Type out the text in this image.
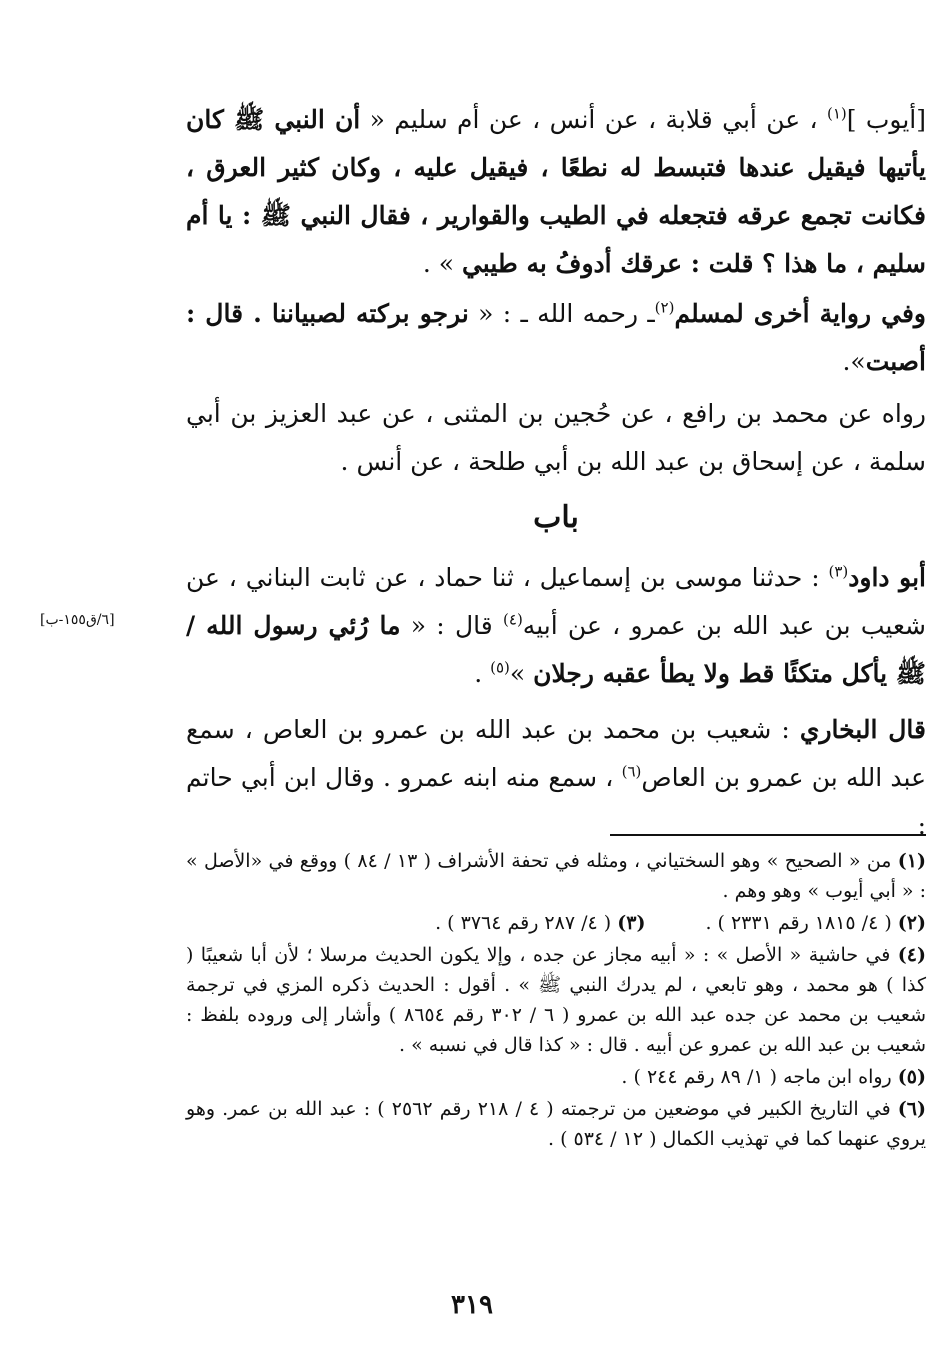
[أيوب ]$^{(١)}$ ، عن أبي قلابة ، عن أنس ، عن أم سليم « أن النبي ﷺ كان يأتيها فيقيل عندها فتبسط له نطعًا ، فيقيل عليه ، وكان كثير العرق ، فكانت تجمع عرقه فتجعله في الطيب والقوارير ، فقال النبي ﷺ : يا أم سليم ، ما هذا ؟ قلت : عرقك أدوفُ به طيبي » .

وفي رواية أخرى لمسلم$^{(٢)}$ـ رحمه الله ـ : « نرجو بركته لصبياننا . قال : أصبت».

رواه عن محمد بن رافع ، عن حُجين بن المثنى ، عن عبد العزيز بن أبي سلمة ، عن إسحاق بن عبد الله بن أبي طلحة ، عن أنس .

باب

أبو داود$^{(٣)}$ : حدثنا موسى بن إسماعيل ، ثنا حماد ، عن ثابت البناني ، عن شعيب بن عبد الله بن عمرو ، عن أبيه$^{(٤)}$ قال : « ما رُئي رسول الله / ﷺ يأكل متكئًا قط ولا يطأ عقبه رجلان »$^{(٥)}$ .

[٦/ق١٥٥-ب]

قال البخاري : شعيب بن محمد بن عبد الله بن عمرو بن العاص ، سمع عبد الله بن عمرو بن العاص$^{(٦)}$ ، سمع منه ابنه عمرو . وقال ابن أبي حاتم :

(١) من « الصحيح » وهو السختياني ، ومثله في تحفة الأشراف ( ١٣ / ٨٤ ) ووقع في «الأصل » : « أبي أيوب » وهو وهم .

(٢) ( ٤/ ١٨١٥ رقم ٢٣٣١ ) .
(٣) ( ٤/ ٢٨٧ رقم ٣٧٦٤ ) .

(٤) في حاشية « الأصل » : « أبيه مجاز عن جده ، وإلا يكون الحديث مرسلا ؛ لأن أبا شعيبًا ( كذا ) هو محمد ، وهو تابعي ، لم يدرك النبي ﷺ » . أقول : الحديث ذكره المزي في ترجمة شعيب بن محمد عن جده عبد الله بن عمرو ( ٦ / ٣٠٢ رقم ٨٦٥٤ ) وأشار إلى وروده بلفظ : شعيب بن عبد الله بن عمرو عن أبيه . قال : « كذا قال في نسبه » .

(٥) رواه ابن ماجه ( ١/ ٨٩ رقم ٢٤٤ ) .

(٦) في التاريخ الكبير في موضعين من ترجمته ( ٤ / ٢١٨ رقم ٢٥٦٢ ) : عبد الله بن عمر. وهو يروي عنهما كما في تهذيب الكمال ( ١٢ / ٥٣٤ ) .

٣١٩
